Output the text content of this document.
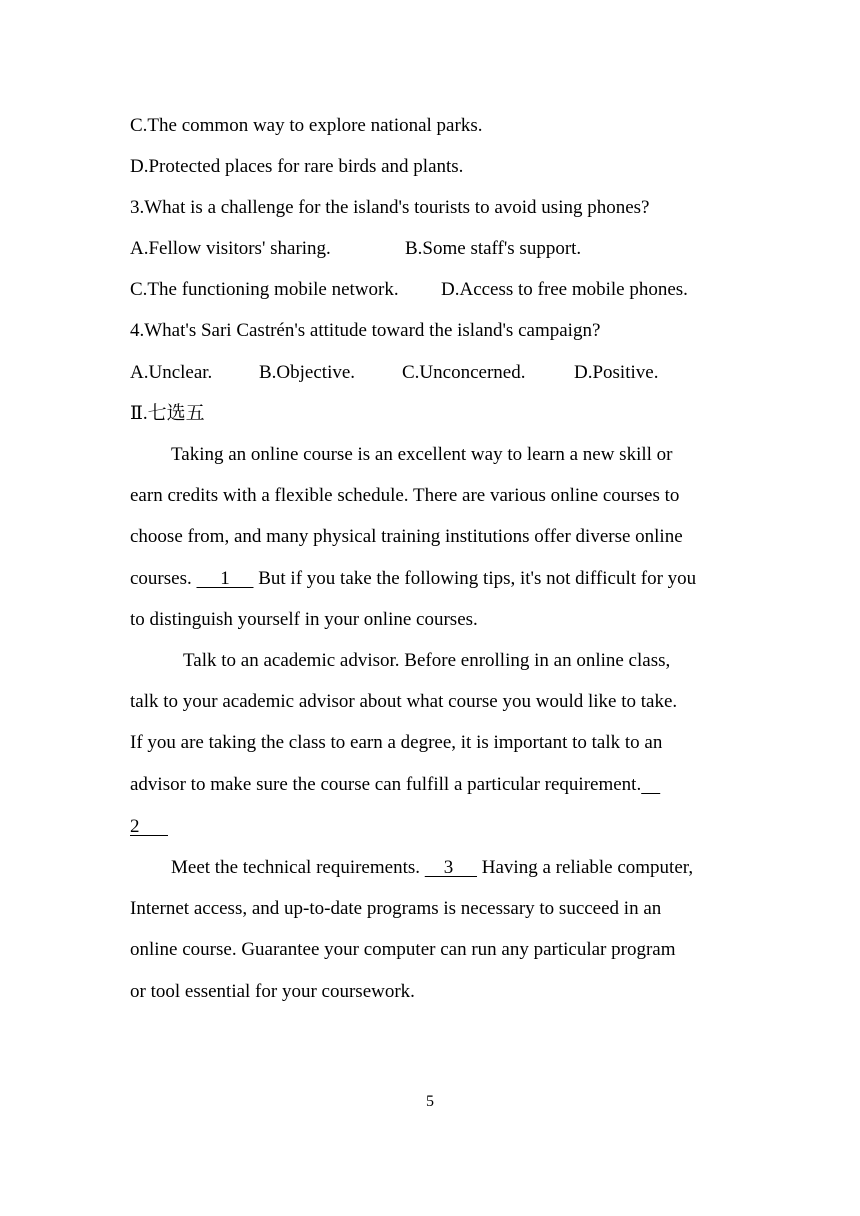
C.The common way to explore national parks.
D.Protected places for rare birds and plants.
3.What is a challenge for the island's tourists to avoid using phones?
A.Fellow visitors' sharing.	B.Some staff's support.
C.The functioning mobile network. D.Access to free mobile phones.
4.What's Sari Castrén's attitude toward the island's campaign?
A.Unclear. B.Objective. C.Unconcerned.	D.Positive.
Ⅱ.七选五
Taking an online course is an excellent way to learn a new skill or
earn credits with a flexible schedule. There are various online courses to
choose from, and many physical training institutions offer diverse online
courses.      1      But if you take the following tips, it's not difficult for you
to distinguish yourself in your online courses.
Talk to an academic advisor. Before enrolling in an online class,
talk to your academic advisor about what course you would like to take.
If you are taking the class to earn a degree, it is important to talk to an
advisor to make sure the course can fulfill a particular requirement.
2
Meet the technical requirements.     3      Having a reliable computer,
Internet access, and up-to-date programs is necessary to succeed in an
online course. Guarantee your computer can run any particular program
or tool essential for your coursework.
5
